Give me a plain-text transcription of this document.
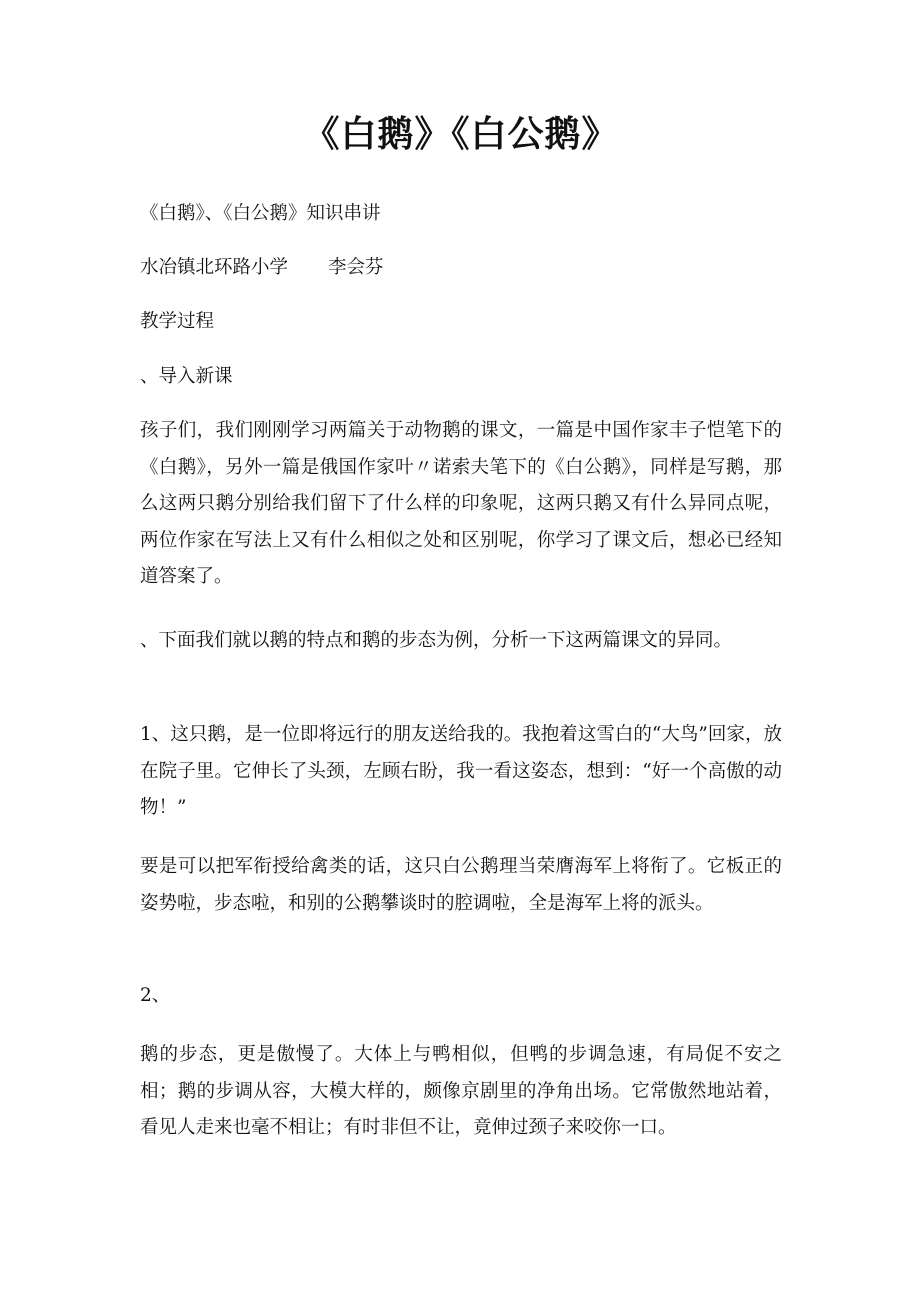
《白鹅》《白公鹅》

《白鹅》、《白公鹅》知识串讲

水冶镇北环路小学 李会芬

教学过程

、导入新课

孩子们，我们刚刚学习两篇关于动物鹅的课文，一篇是中国作家丰子恺笔下的《白鹅》，另外一篇是俄国作家叶〃诺索夫笔下的《白公鹅》，同样是写鹅，那么这两只鹅分别给我们留下了什么样的印象呢，这两只鹅又有什么异同点呢，两位作家在写法上又有什么相似之处和区别呢，你学习了课文后，想必已经知道答案了。

、下面我们就以鹅的特点和鹅的步态为例，分析一下这两篇课文的异同。

1、这只鹅，是一位即将远行的朋友送给我的。我抱着这雪白的“大鸟”回家，放在院子里。它伸长了头颈，左顾右盼，我一看这姿态，想到：“好一个高傲的动物！”

要是可以把军衔授给禽类的话，这只白公鹅理当荣膺海军上将衔了。它板正的姿势啦，步态啦，和别的公鹅攀谈时的腔调啦，全是海军上将的派头。

2、

鹅的步态，更是傲慢了。大体上与鸭相似，但鸭的步调急速，有局促不安之相；鹅的步调从容，大模大样的，颇像京剧里的净角出场。它常傲然地站着，看见人走来也毫不相让；有时非但不让，竟伸过颈子来咬你一口。
